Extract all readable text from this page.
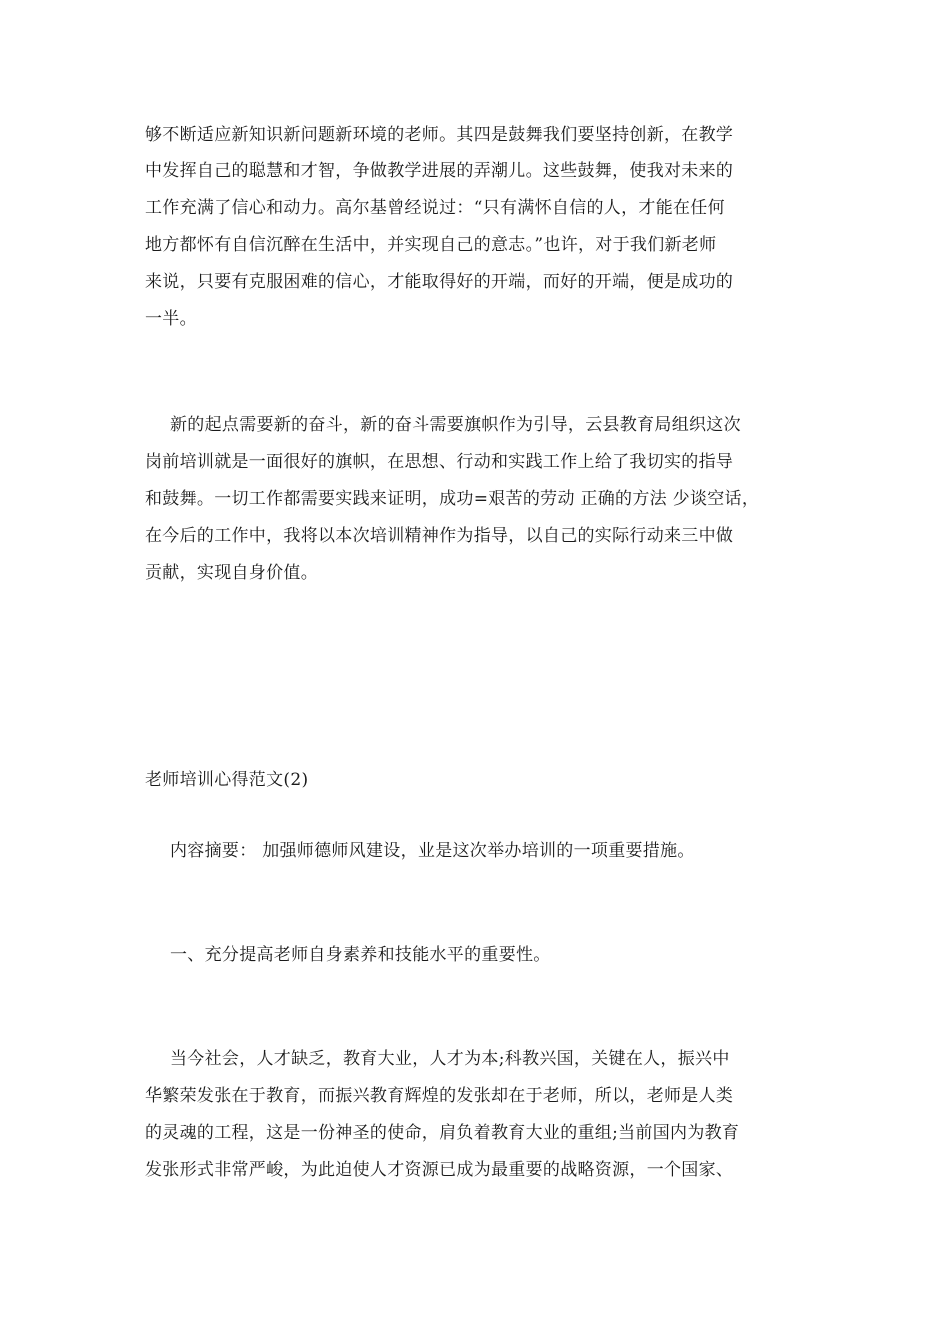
够不断适应新知识新问题新环境的老师。其四是鼓舞我们要坚持创新，在教学
中发挥自己的聪慧和才智，争做教学进展的弄潮儿。这些鼓舞，使我对未来的
工作充满了信心和动力。高尔基曾经说过：“只有满怀自信的人，才能在任何
地方都怀有自信沉醉在生活中，并实现自己的意志。”也许，对于我们新老师
来说，只要有克服困难的信心，才能取得好的开端，而好的开端，便是成功的
一半。
新的起点需要新的奋斗，新的奋斗需要旗帜作为引导，云县教育局组织这次
岗前培训就是一面很好的旗帜，在思想、行动和实践工作上给了我切实的指导
和鼓舞。一切工作都需要实践来证明，成功=艰苦的劳动 正确的方法 少谈空话，
在今后的工作中，我将以本次培训精神作为指导，以自己的实际行动来三中做
贡献，实现自身价值。
老师培训心得范文(2)
内容摘要： 加强师德师风建设，业是这次举办培训的一项重要措施。
一、充分提高老师自身素养和技能水平的重要性。
当今社会，人才缺乏，教育大业，人才为本;科教兴国，关键在人，振兴中
华繁荣发张在于教育，而振兴教育辉煌的发张却在于老师，所以，老师是人类
的灵魂的工程，这是一份神圣的使命，肩负着教育大业的重组;当前国内为教育
发张形式非常严峻，为此迫使人才资源已成为最重要的战略资源，一个国家、
